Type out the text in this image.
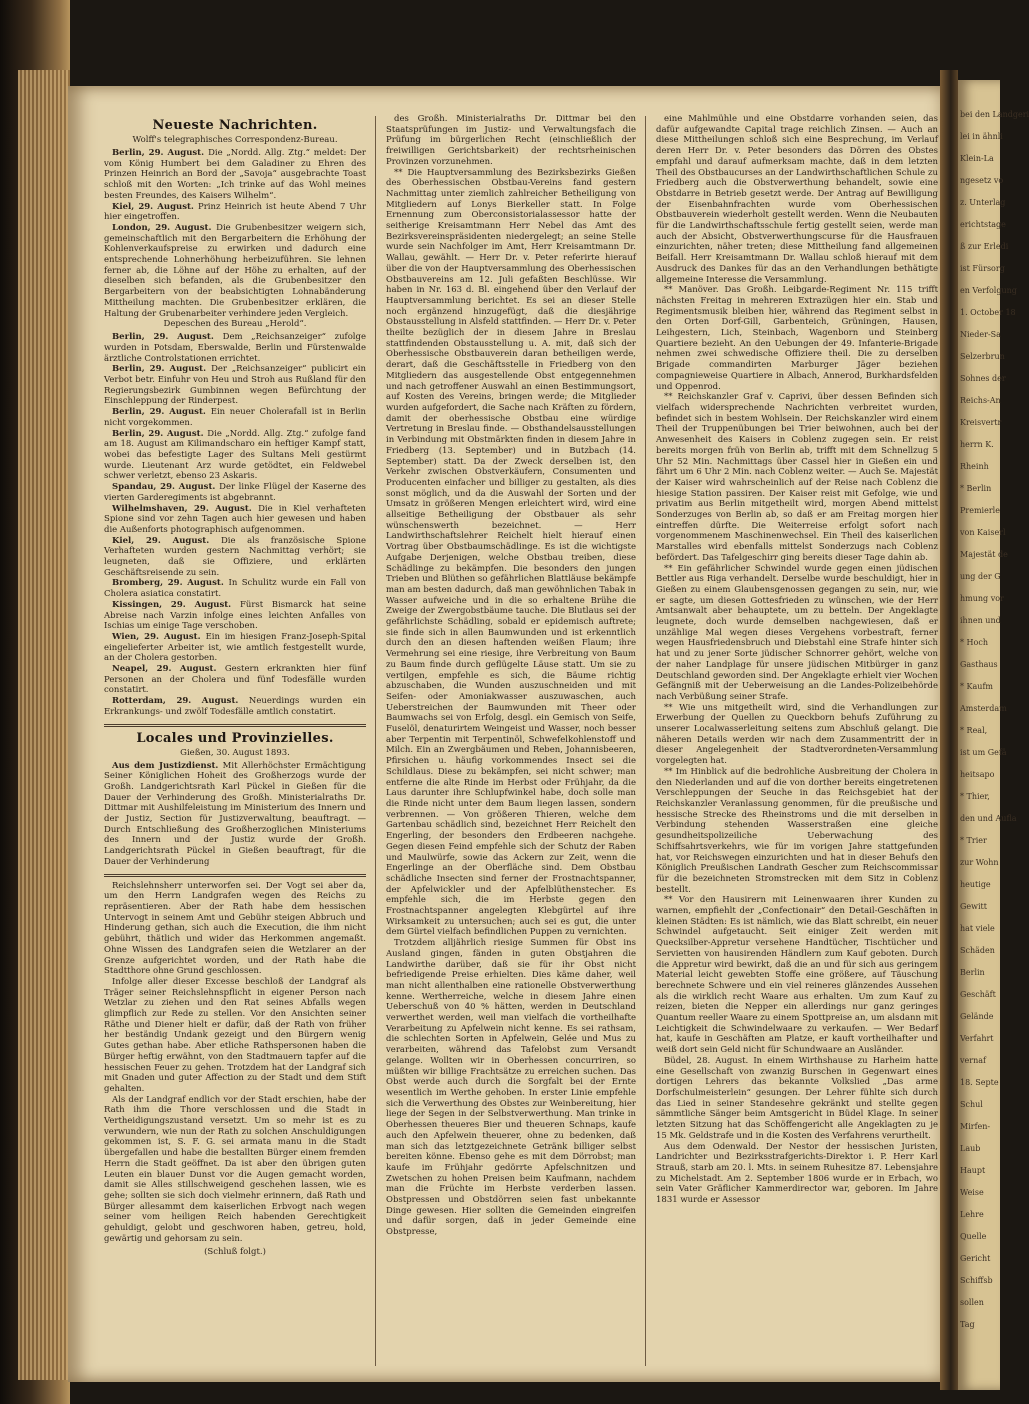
Neueste Nachrichten.
Wolff's telegraphisches Correspondenz-Bureau.

Berlin, 29. August. Die „Nordd. Allg. Ztg.“ meldet: Der vom König Humbert bei dem Galadiner zu Ehren des Prinzen Heinrich an Bord der „Savoja“ ausgebrachte Toast schloß mit den Worten: „Ich trinke auf das Wohl meines besten Freundes, des Kaisers Wilhelm“.

Kiel, 29. August. Prinz Heinrich ist heute Abend 7 Uhr hier eingetroffen.

London, 29. August. Die Grubenbesitzer weigern sich, gemeinschaftlich mit den Bergarbeitern die Erhöhung der Kohlenverkaufspreise zu erwirken und dadurch eine entsprechende Lohnerhöhung herbeizuführen. Sie lehnen ferner ab, die Löhne auf der Höhe zu erhalten, auf der dieselben sich befanden, als die Grubenbesitzer den Bergarbeitern von der beabsichtigten Lohnabänderung Mittheilung machten. Die Grubenbesitzer erklären, die Haltung der Grubenarbeiter verhindere jeden Vergleich.

Depeschen des Bureau „Herold“.

Berlin, 29. August. Dem „Reichsanzeiger“ zufolge wurden in Potsdam, Eberswalde, Berlin und Fürstenwalde ärztliche Controlstationen errichtet.

Berlin, 29. August. Der „Reichsanzeiger“ publicirt ein Verbot betr. Einfuhr von Heu und Stroh aus Rußland für den Regierungsbezirk Gumbinnen wegen Befürchtung der Einschleppung der Rinderpest.

Berlin, 29. August. Ein neuer Cholerafall ist in Berlin nicht vorgekommen.

Berlin, 29. August. Die „Nordd. Allg. Ztg.“ zufolge fand am 18. August am Kilimandscharo ein heftiger Kampf statt, wobei das befestigte Lager des Sultans Meli gestürmt wurde. Lieutenant Arz wurde getödtet, ein Feldwebel schwer verletzt, ebenso 23 Askaris.

Spandau, 29. August. Der linke Flügel der Kaserne des vierten Garderegiments ist abgebrannt.

Wilhelmshaven, 29. August. Die in Kiel verhafteten Spione sind vor zehn Tagen auch hier gewesen und haben die Außenforts photographisch aufgenommen.

Kiel, 29. August. Die als französische Spione Verhafteten wurden gestern Nachmittag verhört; sie leugneten, daß sie Offiziere, und erklärten Geschäftsreisende zu sein.

Bromberg, 29. August. In Schulitz wurde ein Fall von Cholera asiatica constatirt.

Kissingen, 29. August. Fürst Bismarck hat seine Abreise nach Varzin infolge eines leichten Anfalles von Ischias um einige Tage verschoben.

Wien, 29. August. Ein im hiesigen Franz-Joseph-Spital eingelieferter Arbeiter ist, wie amtlich festgestellt wurde, an der Cholera gestorben.

Neapel, 29. August. Gestern erkrankten hier fünf Personen an der Cholera und fünf Todesfälle wurden constatirt.

Rotterdam, 29. August. Neuerdings wurden ein Erkrankungs- und zwölf Todesfälle amtlich constatirt.

Locales und Provinzielles.
Gießen, 30. August 1893.

Aus dem Justizdienst. Mit Allerhöchster Ermächtigung Seiner Königlichen Hoheit des Großherzogs wurde der Großh. Landgerichtsrath Karl Pückel in Gießen für die Dauer der Verhinderung des Großh. Ministerialraths Dr. Dittmar mit Aushilfeleistung im Ministerium des Innern und der Justiz, Section für Justizverwaltung, beauftragt. — Durch Entschließung des Großherzoglichen Ministeriums des Innern und der Justiz wurde der Großh. Landgerichtsrath Pückel in Gießen beauftragt, für die Dauer der Verhinderung

Reichslehnsherr unterworfen sei. Der Vogt sei aber da, um den Herrn Landgrafen wegen des Reichs zu repräsentieren. Aber der Rath habe dem hessischen Untervogt in seinem Amt und Gebühr steigen Abbruch und Hinderung gethan, sich auch die Execution, die ihm nicht gebührt, thätlich und wider das Herkommen angemaßt. Ohne Wissen des Landgrafen seien die Wetzlarer an der Grenze aufgerichtet worden, und der Rath habe die Stadtthore ohne Grund geschlossen.

Infolge aller dieser Excesse beschloß der Landgraf als Träger seiner Reichslehnspflicht in eigener Person nach Wetzlar zu ziehen und den Rat seines Abfalls wegen glimpflich zur Rede zu stellen. Vor den Ansichten seiner Räthe und Diener hielt er dafür, daß der Rath von früher her beständig Undank gezeigt und den Bürgern wenig Gutes gethan habe. Aber etliche Rathspersonen haben die Bürger heftig erwähnt, von den Stadtmauern tapfer auf die hessischen Feuer zu gehen. Trotzdem hat der Landgraf sich mit Gnaden und guter Affection zu der Stadt und dem Stift gehalten.

Als der Landgraf endlich vor der Stadt erschien, habe der Rath ihm die Thore verschlossen und die Stadt in Vertheidigungszustand versetzt. Um so mehr ist es zu verwundern, wie nun der Rath zu solchen Anschuldigungen gekommen ist, S. F. G. sei armata manu in die Stadt übergefallen und habe die bestallten Bürger einem fremden Herrn die Stadt geöffnet. Da ist aber den übrigen guten Leuten ein blauer Dunst vor die Augen gemacht worden, damit sie Alles stillschweigend geschehen lassen, wie es gehe; sollten sie sich doch vielmehr erinnern, daß Rath und Bürger allesammt dem kaiserlichen Erbvogt nach wegen seiner vom heiligen Reich habenden Gerechtigkeit gehuldigt, gelobt und geschworen haben, getreu, hold, gewärtig und gehorsam zu sein.

(Schluß folgt.)

des Großh. Ministerialraths Dr. Dittmar bei den Staatsprüfungen im Justiz- und Verwaltungsfach die Prüfung im bürgerlichen Recht (einschließlich der freiwilligen Gerichtsbarkeit) der rechtsrheinischen Provinzen vorzunehmen.

** Die Hauptversammlung des Bezirksbezirks Gießen des Oberhessischen Obstbau-Vereins fand gestern Nachmittag unter ziemlich zahlreicher Betheiligung von Mitgliedern auf Lonys Bierkeller statt. In Folge Ernennung zum Oberconsistorialassessor hatte der seitherige Kreisamtmann Herr Nebel das Amt des Bezirksvereinspräsidenten niedergelegt; an seine Stelle wurde sein Nachfolger im Amt, Herr Kreisamtmann Dr. Wallau, gewählt. — Herr Dr. v. Peter referirte hierauf über die von der Hauptversammlung des Oberhessischen Obstbauvereins am 12. Juli gefaßten Beschlüsse. Wir haben in Nr. 163 d. Bl. eingehend über den Verlauf der Hauptversammlung berichtet. Es sei an dieser Stelle noch ergänzend hinzugefügt, daß die diesjährige Obstausstellung in Alsfeld stattfinden. — Herr Dr. v. Peter theilte bezüglich der in diesem Jahre in Breslau stattfindenden Obstausstellung u. A. mit, daß sich der Oberhessische Obstbauverein daran betheiligen werde, derart, daß die Geschäftsstelle in Friedberg von den Mitgliedern das ausgestellende Obst entgegennehmen und nach getroffener Auswahl an einen Bestimmungsort, auf Kosten des Vereins, bringen werde; die Mitglieder wurden aufgefordert, die Sache nach Kräften zu fördern, damit der oberhessische Obstbau eine würdige Vertretung in Breslau finde. — Obsthandelsausstellungen in Verbindung mit Obstmärkten finden in diesem Jahre in Friedberg (13. September) und in Butzbach (14. September) statt. Da der Zweck derselben ist, den Verkehr zwischen Obstverkäufern, Consumenten und Producenten einfacher und billiger zu gestalten, als dies sonst möglich, und da die Auswahl der Sorten und der Umsatz in größeren Mengen erleichtert wird, wird eine allseitige Betheiligung der Obstbauer als sehr wünschenswerth bezeichnet. — Herr Landwirthschaftslehrer Reichelt hielt hierauf einen Vortrag über Obstbaumschädlinge. Es ist die wichtigste Aufgabe Derjenigen, welche Obstbau treiben, diese Schädlinge zu bekämpfen. Die besonders den jungen Trieben und Blüthen so gefährlichen Blattläuse bekämpfe man am besten dadurch, daß man gewöhnlichen Tabak in Wasser aufweiche und in die so erhaltene Brühe die Zweige der Zwergobstbäume tauche. Die Blutlaus sei der gefährlichste Schädling, sobald er epidemisch auftrete; sie finde sich in allen Baumwunden und ist erkenntlich durch den an diesen haftenden weißen Flaum; ihre Vermehrung sei eine riesige, ihre Verbreitung von Baum zu Baum finde durch geflügelte Läuse statt. Um sie zu vertilgen, empfehle es sich, die Bäume richtig abzuschaben, die Wunden auszuschneiden und mit Seifen- oder Amoniakwasser auszuwaschen, auch Ueberstreichen der Baumwunden mit Theer oder Baumwachs sei von Erfolg, desgl. ein Gemisch von Seife, Fuselöl, denaturirtem Weingeist und Wasser, noch besser aber Terpentin mit Terpentinöl, Schwefelkohlenstoff und Milch. Ein an Zwergbäumen und Reben, Johannisbeeren, Pfirsichen u. häufig vorkommendes Insect sei die Schildlaus. Diese zu bekämpfen, sei nicht schwer; man entferne die alte Rinde im Herbst oder Frühjahr, da die Laus darunter ihre Schlupfwinkel habe, doch solle man die Rinde nicht unter dem Baum liegen lassen, sondern verbrennen. — Von größeren Thieren, welche dem Gartenbau schädlich sind, bezeichnet Herr Reichelt den Engerling, der besonders den Erdbeeren nachgehe. Gegen diesen Feind empfehle sich der Schutz der Raben und Maulwürfe, sowie das Ackern zur Zeit, wenn die Engerlinge an der Oberfläche sind. Dem Obstbau schädliche Insecten sind ferner der Frostnachtspanner, der Apfelwickler und der Apfelblüthenstecher. Es empfehle sich, die im Herbste gegen den Frostnachtspanner angelegten Klebgürtel auf ihre Wirksamkeit zu untersuchen; auch sei es gut, die unter dem Gürtel vielfach befindlichen Puppen zu vernichten.

Trotzdem alljährlich riesige Summen für Obst ins Ausland gingen, fänden in guten Obstjahren die Landwirthe darüber, daß sie für ihr Obst nicht befriedigende Preise erhielten. Dies käme daher, weil man nicht allenthalben eine rationelle Obstverwerthung kenne. Wertherreiche, welche in diesem Jahre einen Ueberschuß von 40 % hätten, werden in Deutschland verwerthet werden, weil man vielfach die vortheilhafte Verarbeitung zu Apfelwein nicht kenne. Es sei rathsam, die schlechten Sorten in Apfelwein, Gelée und Mus zu verarbeiten, während das Tafelobst zum Versandt gelange. Wollten wir in Oberhessen concurriren, so müßten wir billige Frachtsätze zu erreichen suchen. Das Obst werde auch durch die Sorgfalt bei der Ernte wesentlich im Werthe gehoben. In erster Linie empfehle sich die Verwerthung des Obstes zur Weinbereitung, hier liege der Segen in der Selbstverwerthung. Man trinke in Oberhessen theueres Bier und theueren Schnaps, kaufe auch den Apfelwein theuerer, ohne zu bedenken, daß man sich das letztgezeichnete Getränk billiger selbst bereiten könne. Ebenso gehe es mit dem Dörrobst; man kaufe im Frühjahr gedörrte Apfelschnitzen und Zwetschen zu hohen Preisen beim Kaufmann, nachdem man die Früchte im Herbste verderben lassen. Obstpressen und Obstdörren seien fast unbekannte Dinge gewesen. Hier sollten die Gemeinden eingreifen und dafür sorgen, daß in jeder Gemeinde eine Obstpresse,

eine Mahlmühle und eine Obstdarre vorhanden seien, das dafür aufgewandte Capital trage reichlich Zinsen. — Auch an diese Mittheilungen schloß sich eine Besprechung, im Verlauf deren Herr Dr. v. Peter besonders das Dörren des Obstes empfahl und darauf aufmerksam machte, daß in dem letzten Theil des Obstbaucurses an der Landwirthschaftlichen Schule zu Friedberg auch die Obstverwerthung behandelt, sowie eine Obstdarre in Betrieb gesetzt werde. Der Antrag auf Bewilligung der Eisenbahnfrachten wurde vom Oberhessischen Obstbauverein wiederholt gestellt werden. Wenn die Neubauten für die Landwirthschaftsschule fertig gestellt seien, werde man auch der Absicht, Obstverwerthungscurse für die Hausfrauen einzurichten, näher treten; diese Mittheilung fand allgemeinen Beifall. Herr Kreisamtmann Dr. Wallau schloß hierauf mit dem Ausdruck des Dankes für das an den Verhandlungen bethätigte allgemeine Interesse die Versammlung.

** Manöver. Das Großh. Leibgarde-Regiment Nr. 115 trifft nächsten Freitag in mehreren Extrazügen hier ein. Stab und Regimentsmusik bleiben hier, während das Regiment selbst in den Orten Dorf-Gill, Garbenteich, Grüningen, Hausen, Leihgestern, Lich, Steinbach, Wagenborn und Steinberg Quartiere bezieht. An den Uebungen der 49. Infanterie-Brigade nehmen zwei schwedische Offiziere theil. Die zu derselben Brigade commandirten Marburger Jäger beziehen compagnieweise Quartiere in Albach, Annerod, Burkhardsfelden und Oppenrod.

** Reichskanzler Graf v. Caprivi, über dessen Befinden sich vielfach widersprechende Nachrichten verbreitet wurden, befindet sich in bestem Wohlsein. Der Reichskanzler wird einem Theil der Truppenübungen bei Trier beiwohnen, auch bei der Anwesenheit des Kaisers in Coblenz zugegen sein. Er reist bereits morgen früh von Berlin ab, trifft mit dem Schnellzug 5 Uhr 52 Min. Nachmittags über Cassel hier in Gießen ein und fährt um 6 Uhr 2 Min. nach Coblenz weiter. — Auch Se. Majestät der Kaiser wird wahrscheinlich auf der Reise nach Coblenz die hiesige Station passiren. Der Kaiser reist mit Gefolge, wie und privatim aus Berlin mitgetheilt wird, morgen Abend mittelst Sonderzuges von Berlin ab, so daß er am Freitag morgen hier eintreffen dürfte. Die Weiterreise erfolgt sofort nach vorgenommenem Maschinenwechsel. Ein Theil des kaiserlichen Marstalles wird ebenfalls mittelst Sonderzugs nach Coblenz befördert. Das Tafelgeschirr ging bereits dieser Tage dahin ab.

** Ein gefährlicher Schwindel wurde gegen einen jüdischen Bettler aus Riga verhandelt. Derselbe wurde beschuldigt, hier in Gießen zu einem Glaubensgenossen gegangen zu sein, nur, wie er sagte, um diesen Gottesfrieden zu wünschen, wie der Herr Amtsanwalt aber behauptete, um zu betteln. Der Angeklagte leugnete, doch wurde demselben nachgewiesen, daß er unzählige Mal wegen dieses Vergehens vorbestraft, ferner wegen Hausfriedensbruch und Diebstahl eine Strafe hinter sich hat und zu jener Sorte jüdischer Schnorrer gehört, welche von der naher Landplage für unsere jüdischen Mitbürger in ganz Deutschland geworden sind. Der Angeklagte erhielt vier Wochen Gefängniß mit der Ueberweisung an die Landes-Polizeibehörde nach Verbüßung seiner Strafe.

** Wie uns mitgetheilt wird, sind die Verhandlungen zur Erwerbung der Quellen zu Queckborn behufs Zuführung zu unserer Localwasserleitung seitens zum Abschluß gelangt. Die näheren Details werden wir nach dem Zusammentritt der in dieser Angelegenheit der Stadtverordneten-Versammlung vorgelegten hat.

** Im Hinblick auf die bedrohliche Ausbreitung der Cholera in den Niederlanden und auf die von dorther bereits eingetretenen Verschleppungen der Seuche in das Reichsgebiet hat der Reichskanzler Veranlassung genommen, für die preußische und hessische Strecke des Rheinstroms und die mit derselben in Verbindung stehenden Wasserstraßen eine gleiche gesundheitspolizeiliche Ueberwachung des Schiffsahrtsverkehrs, wie für im vorigen Jahre stattgefunden hat, vor Reichswegen einzurichten und hat in dieser Behufs den Königlich Preußischen Landrath Gescher zum Reichscommissar für die bezeichneten Stromstrecken mit dem Sitz in Coblenz bestellt.

** Vor den Hausirern mit Leinenwaaren ihrer Kunden zu warnen, empfiehlt der „Confectionair“ den Detail-Geschäften in kleinen Städten: Es ist nämlich, wie das Blatt schreibt, ein neuer Schwindel aufgetaucht. Seit einiger Zeit werden mit Quecksilber-Appretur versehene Handtücher, Tischtücher und Servietten von hausirenden Händlern zum Kauf geboten. Durch die Appretur wird bewirkt, daß die an und für sich aus geringem Material leicht gewebten Stoffe eine größere, auf Täuschung berechnete Schwere und ein viel reineres glänzendes Aussehen als die wirklich recht Waare aus erhalten. Um zum Kauf zu reizen, bieten die Nepper ein allerdings nur ganz geringes Quantum reeller Waare zu einem Spottpreise an, um alsdann mit Leichtigkeit die Schwindelwaare zu verkaufen. — Wer Bedarf hat, kaufe in Geschäften am Platze, er kauft vortheilhafter und weiß dort sein Geld nicht für Schundwaare an Ausländer.

Büdel, 28. August. In einem Wirthshause zu Harheim hatte eine Gesellschaft von zwanzig Burschen in Gegenwart eines dortigen Lehrers das bekannte Volkslied „Das arme Dorfschulmeisterlein“ gesungen. Der Lehrer fühlte sich durch das Lied in seiner Standesehre gekränkt und stellte gegen sämmtliche Sänger beim Amtsgericht in Büdel Klage. In seiner letzten Sitzung hat das Schöffengericht alle Angeklagten zu je 15 Mk. Geldstrafe und in die Kosten des Verfahrens verurtheilt.

Aus dem Odenwald. Der Nestor der hessischen Juristen, Landrichter und Bezirksstrafgerichts-Direktor i. P. Herr Karl Strauß, starb am 20. l. Mts. in seinem Ruhesitze 87. Lebensjahre zu Michelstadt. Am 2. September 1806 wurde er in Erbach, wo sein Vater Gräflicher Kammerdirector war, geboren. Im Jahre 1831 wurde er Assessor

bei den Landgeri
lei in ähnli
Klein-La
ngesetz vo
z. Unterlag
erichtstage
ß zur Erledi
ist Fürsorg
en Verfolgung
1. October 18
Nieder-Sa
Selzerbrun
Sohnes der
Reichs-An
Kreisvertr
herrn K.
Rheinh
* Berlin
Premierle
von Kaiserl
Majestät de
ung der G
hmung vor
ihnen und
* Hoch
Gasthaus
* Kaufm
Amsterdam
* Real,
ist um Gefä
heitsapo
* Thier,
den und Aufla
* Trier
zur Wohn
heutige
Gewitt
hat viele
Schäden
Berlin
Geschäft
Gelände
Verfahrt
vernaf
18. Septe
Schul
Mirfen-
Laub
Haupt
Weise
Lehre
Quelle
Gericht
Schiffsb
sollen
Tag
